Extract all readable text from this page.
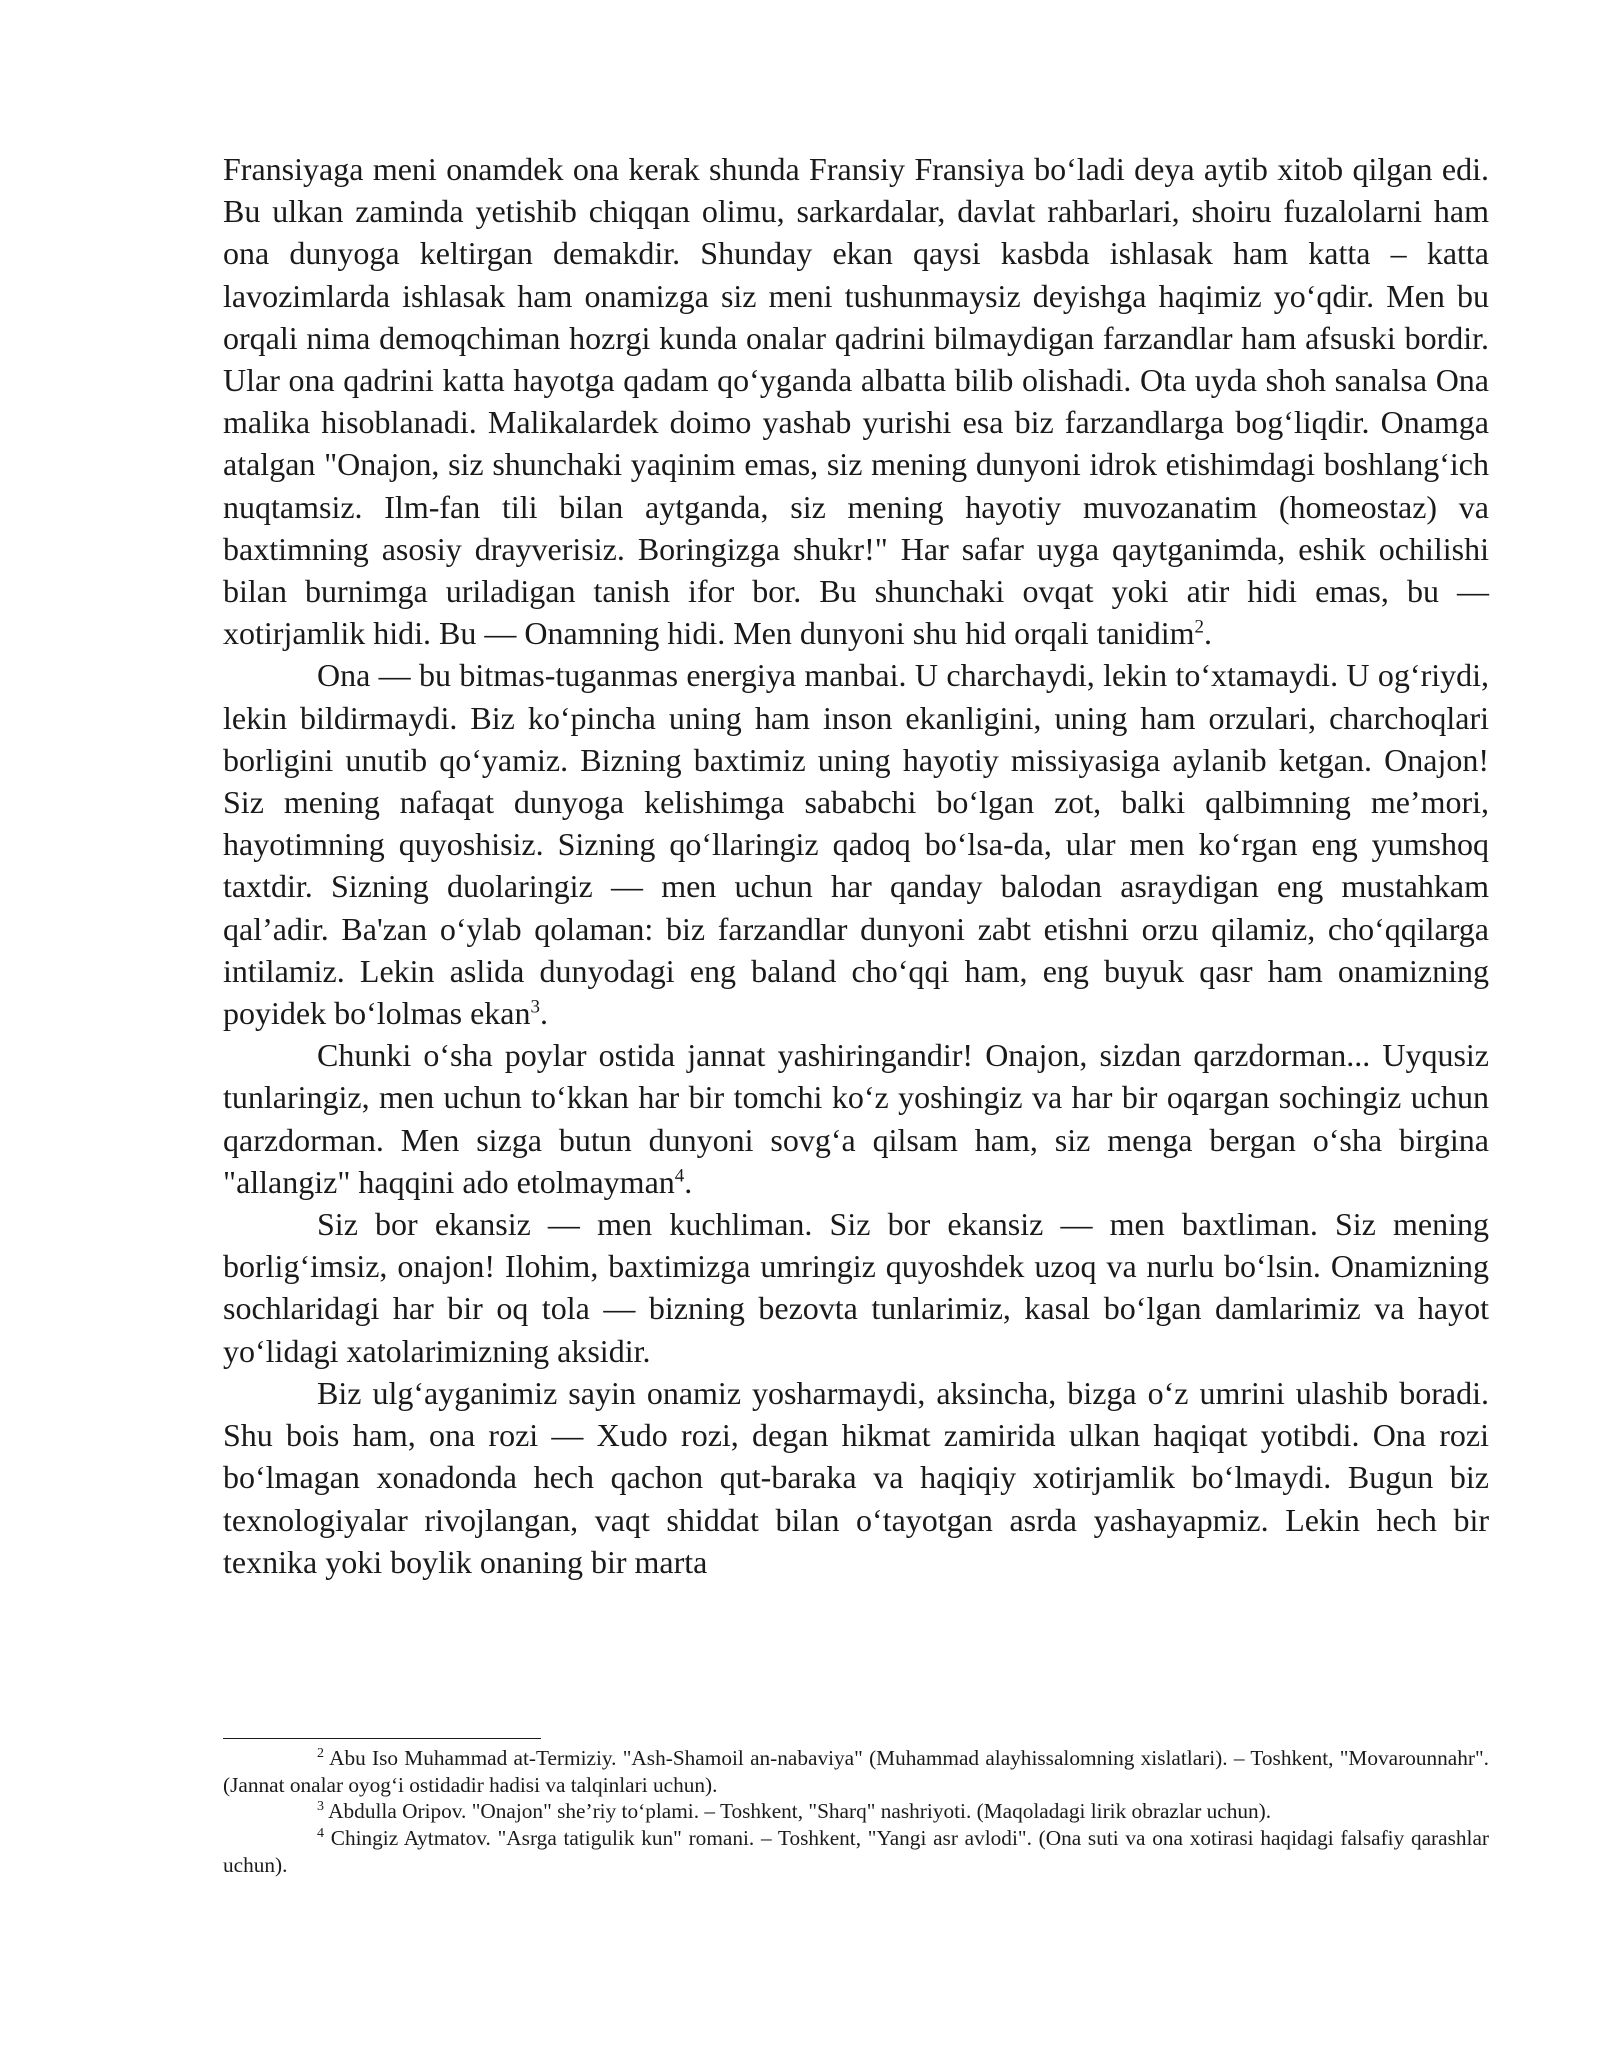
Fransiyaga meni onamdek ona kerak shunda Fransiy Fransiya bo‘ladi deya aytib xitob qilgan edi. Bu ulkan zaminda yetishib chiqqan olimu, sarkardalar, davlat rahbarlari, shoiru fuzalolarni ham ona dunyoga keltirgan demakdir. Shunday ekan qaysi kasbda ishlasak ham katta – katta lavozimlarda ishlasak ham onamizga siz meni tushunmaysiz deyishga haqimiz yo‘qdir. Men bu orqali nima demoqchiman hozrgi kunda onalar qadrini bilmaydigan farzandlar ham afsuski bordir. Ular ona qadrini katta hayotga qadam qo‘yganda albatta bilib olishadi. Ota uyda shoh sanalsa Ona malika hisoblanadi. Malikalardek doimo yashab yurishi esa biz farzandlarga bog‘liqdir. Onamga atalgan "Onajon, siz shunchaki yaqinim emas, siz mening dunyoni idrok etishimdagi boshlang‘ich nuqtamsiz. Ilm-fan tili bilan aytganda, siz mening hayotiy muvozanatim (homeostaz) va baxtimning asosiy drayverisiz. Boringizga shukr!" Har safar uyga qaytganimda, eshik ochilishi bilan burnimga uriladigan tanish ifor bor. Bu shunchaki ovqat yoki atir hidi emas, bu — xotirjamlik hidi. Bu — Onamning hidi. Men dunyoni shu hid orqali tanidim$^2$.

Ona — bu bitmas-tuganmas energiya manbai. U charchaydi, lekin to‘xtamaydi. U og‘riydi, lekin bildirmaydi. Biz ko‘pincha uning ham inson ekanligini, uning ham orzulari, charchoqlari borligini unutib qo‘yamiz. Bizning baxtimiz uning hayotiy missiyasiga aylanib ketgan. Onajon! Siz mening nafaqat dunyoga kelishimga sababchi bo‘lgan zot, balki qalbimning me’mori, hayotimning quyoshisiz. Sizning qo‘llaringiz qadoq bo‘lsa-da, ular men ko‘rgan eng yumshoq taxtdir. Sizning duolaringiz — men uchun har qanday balodan asraydigan eng mustahkam qal’adir. Ba'zan o‘ylab qolaman: biz farzandlar dunyoni zabt etishni orzu qilamiz, cho‘qqilarga intilamiz. Lekin aslida dunyodagi eng baland cho‘qqi ham, eng buyuk qasr ham onamizning poyidek bo‘lolmas ekan$^3$.

Chunki o‘sha poylar ostida jannat yashiringandir! Onajon, sizdan qarzdorman... Uyqusiz tunlaringiz, men uchun to‘kkan har bir tomchi ko‘z yoshingiz va har bir oqargan sochingiz uchun qarzdorman. Men sizga butun dunyoni sovg‘a qilsam ham, siz menga bergan o‘sha birgina "allangiz" haqqini ado etolmayman$^4$.

Siz bor ekansiz — men kuchliman. Siz bor ekansiz — men baxtliman. Siz mening borlig‘imsiz, onajon! Ilohim, baxtimizga umringiz quyoshdek uzoq va nurlu bo‘lsin. Onamizning sochlaridagi har bir oq tola — bizning bezovta tunlarimiz, kasal bo‘lgan damlarimiz va hayot yo‘lidagi xatolarimizning aksidir.

Biz ulg‘ayganimiz sayin onamiz yosharmaydi, aksincha, bizga o‘z umrini ulashib boradi. Shu bois ham, ona rozi — Xudo rozi, degan hikmat zamirida ulkan haqiqat yotibdi. Ona rozi bo‘lmagan xonadonda hech qachon qut-baraka va haqiqiy xotirjamlik bo‘lmaydi. Bugun biz texnologiyalar rivojlangan, vaqt shiddat bilan o‘tayotgan asrda yashayapmiz. Lekin hech bir texnika yoki boylik onaning bir marta

$^2$ Abu Iso Muhammad at-Termiziy. "Ash-Shamoil an-nabaviya" (Muhammad alayhissalomning xislatlari). – Toshkent, "Movarounnahr". (Jannat onalar oyog‘i ostidadir hadisi va talqinlari uchun).

$^3$ Abdulla Oripov. "Onajon" she’riy to‘plami. – Toshkent, "Sharq" nashriyoti. (Maqoladagi lirik obrazlar uchun).

$^4$ Chingiz Aytmatov. "Asrga tatigulik kun" romani. – Toshkent, "Yangi asr avlodi". (Ona suti va ona xotirasi haqidagi falsafiy qarashlar uchun).
